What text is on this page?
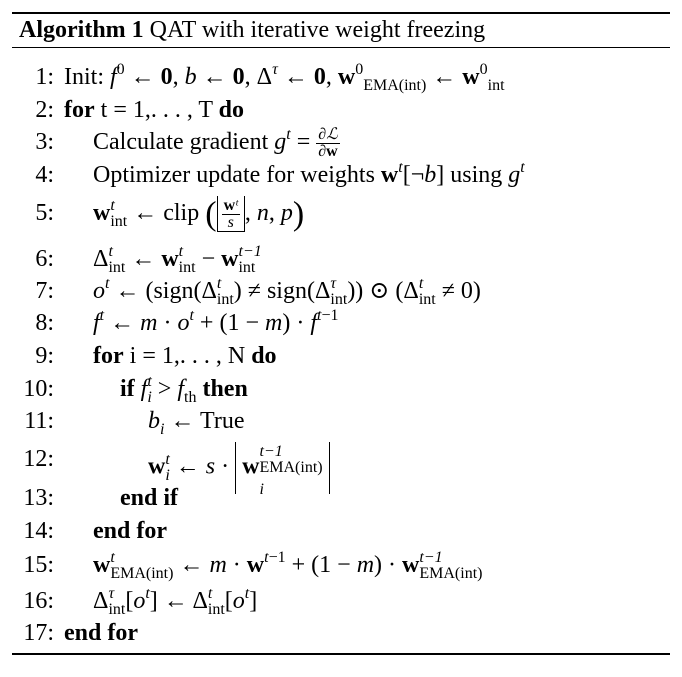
Algorithm 1 QAT with iterative weight freezing
1: Init: $f^0$ ← 0, b ← 0, $\Delta^\tau$ ← 0, $w^0_{EMA(int)}$ ← $w^0_{int}$
2: for t = 1,. . . , T do
3: Calculate gradient $g^t = \frac{\text{∂ℒ}}{\partial w}$
4: Optimizer update for weights $w^t[\neg b]$ using $g^t$
5: w t
int ← clip ( $\frac{\text{wᵗ}}{s}$ , n, p)
6: Δ t
int ← w t
int − w t−1
int
7: $o^t$ ← (sign(Δ t
int ) ≠ sign(Δ τ
int )) ⊙ (Δ t
int ≠ 0)
8: $f^t$ ← $m \cdot o^t + (1 - m) \cdot f^{t-1}$
9: for i = 1,. . . , N do
10:	if f t
$i > f_{th}$ then
11:	$b_i$ ← True
12:	w t
i ← s · w
t−1
EMA(int)
$_i$
13:	end if
14: end for
15: w t
EMA(int) ← $m \cdot w^{t-1} + (1 - m) \cdot w$ t−1
EMA(int)
16: Δ τ
int $[o^t]$ ← Δ t
int $[o^t]$
17: end for
